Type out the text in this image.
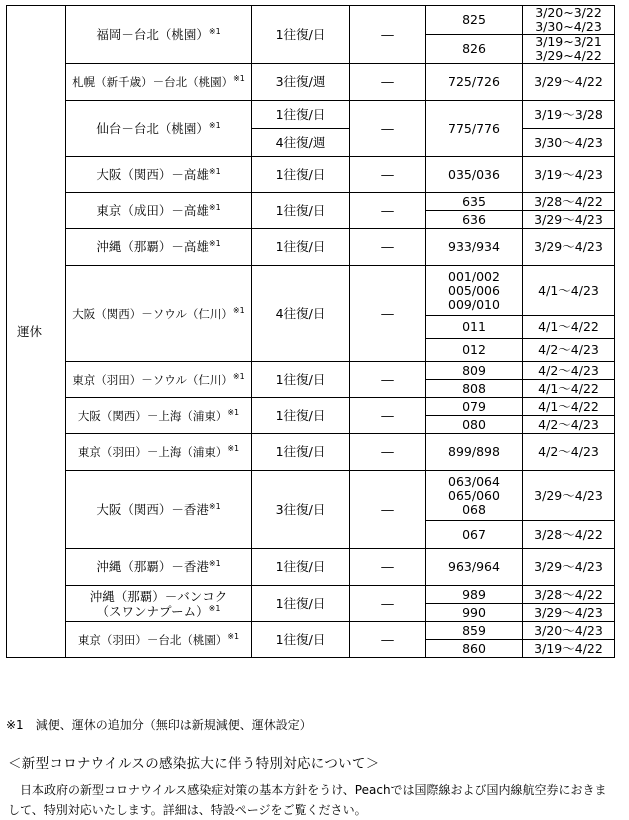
運休	福岡－台北（桃園）$^{※1}$	1往復/日	―	825	3/20~3/22
3/30~4/23

				826	3/19~3/21
3/29~4/22

	札幌（新千歳）－台北（桃園）$^{※1}$	3往復/週	―	725/726	3/29～4/22
	仙台－台北（桃園）$^{※1}$	1往復/日	―	775/776	3/19～3/28
		4往復/週			3/30～4/23
	大阪（関西）－高雄$^{※1}$	1往復/日	―	035/036	3/19～4/23
	東京（成田）－高雄$^{※1}$	1往復/日	―	635	3/28～4/22
				636	3/29～4/23
	沖縄（那覇）－高雄$^{※1}$	1往復/日	―	933/934	3/29～4/23
	大阪（関西）－ソウル（仁川）$^{※1}$	4往復/日	―	001/002
005/006
009/010	4/1～4/23
				011	4/1～4/22
				012	4/2～4/23
	東京（羽田）－ソウル（仁川）$^{※1}$	1往復/日	―	809	4/2～4/23
				808	4/1～4/22
	大阪（関西）－上海（浦東）$^{※1}$	1往復/日	―	079	4/1～4/22
				080	4/2～4/23
	東京（羽田）－上海（浦東）$^{※1}$	1往復/日	―	899/898	4/2～4/23
	大阪（関西）－香港$^{※1}$	3往復/日	―	063/064
065/060
068	3/29～4/23
				067	3/28～4/22
	沖縄（那覇）－香港$^{※1}$	1往復/日	―	963/964	3/29～4/23

	沖縄（那覇）－バンコク
（スワンナプーム）$^{※1}$	1往復/日	―	989	3/28～4/22
				990	3/29～4/23
	東京（羽田）－台北（桃園）$^{※1}$	1往復/日	―	859	3/20～4/23
				860	3/19～4/22
※1　減便、運休の追加分（無印は新規減便、運休設定）
＜新型コロナウイルスの感染拡大に伴う特別対応について＞

日本政府の新型コロナウイルス感染症対策の基本方針をうけ、Peachでは国際線および国内線航空券におきまして、特別対応いたします。詳細は、特設ページをご覧ください。
